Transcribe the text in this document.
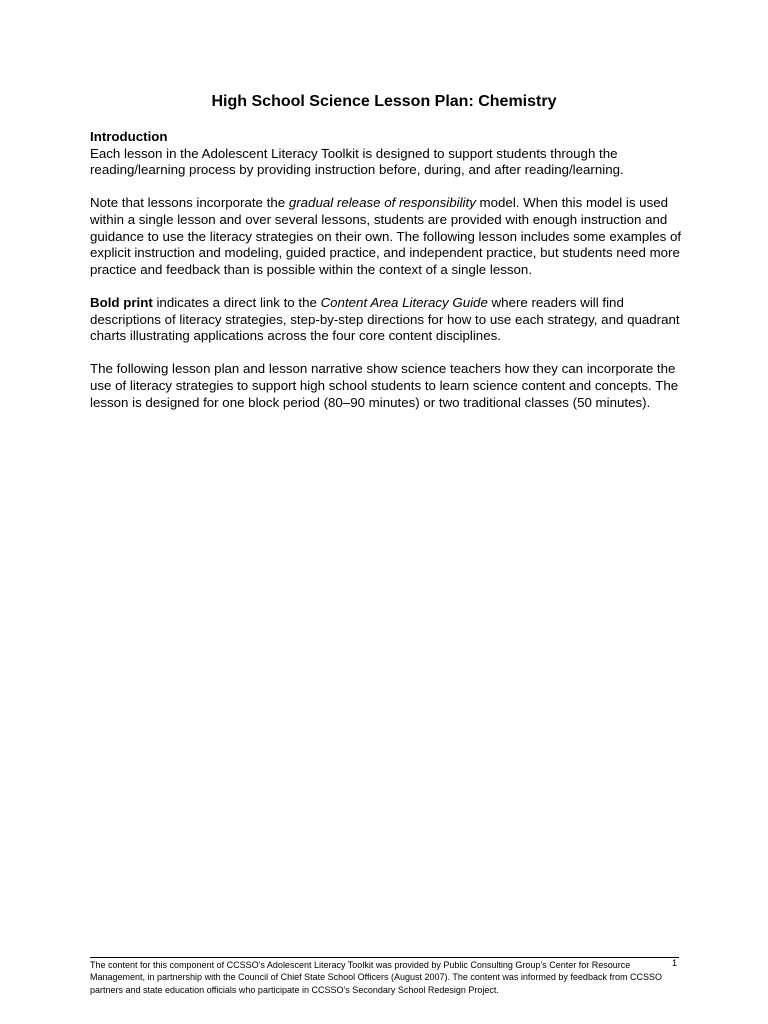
High School Science Lesson Plan: Chemistry

Introduction
Each lesson in the Adolescent Literacy Toolkit is designed to support students through the reading/learning process by providing instruction before, during, and after reading/learning.

Note that lessons incorporate the gradual release of responsibility model. When this model is used within a single lesson and over several lessons, students are provided with enough instruction and guidance to use the literacy strategies on their own. The following lesson includes some examples of explicit instruction and modeling, guided practice, and independent practice, but students need more practice and feedback than is possible within the context of a single lesson.

Bold print indicates a direct link to the Content Area Literacy Guide where readers will find descriptions of literacy strategies, step-by-step directions for how to use each strategy, and quadrant charts illustrating applications across the four core content disciplines.

The following lesson plan and lesson narrative show science teachers how they can incorporate the use of literacy strategies to support high school students to learn science content and concepts. The lesson is designed for one block period (80–90 minutes) or two traditional classes (50 minutes).

The content for this component of CCSSO’s Adolescent Literacy Toolkit was provided by Public Consulting Group’s Center for Resource Management, in partnership with the Council of Chief State School Officers (August 2007). The content was informed by feedback from CCSSO partners and state education officials who participate in CCSSO’s Secondary School Redesign Project.
1
